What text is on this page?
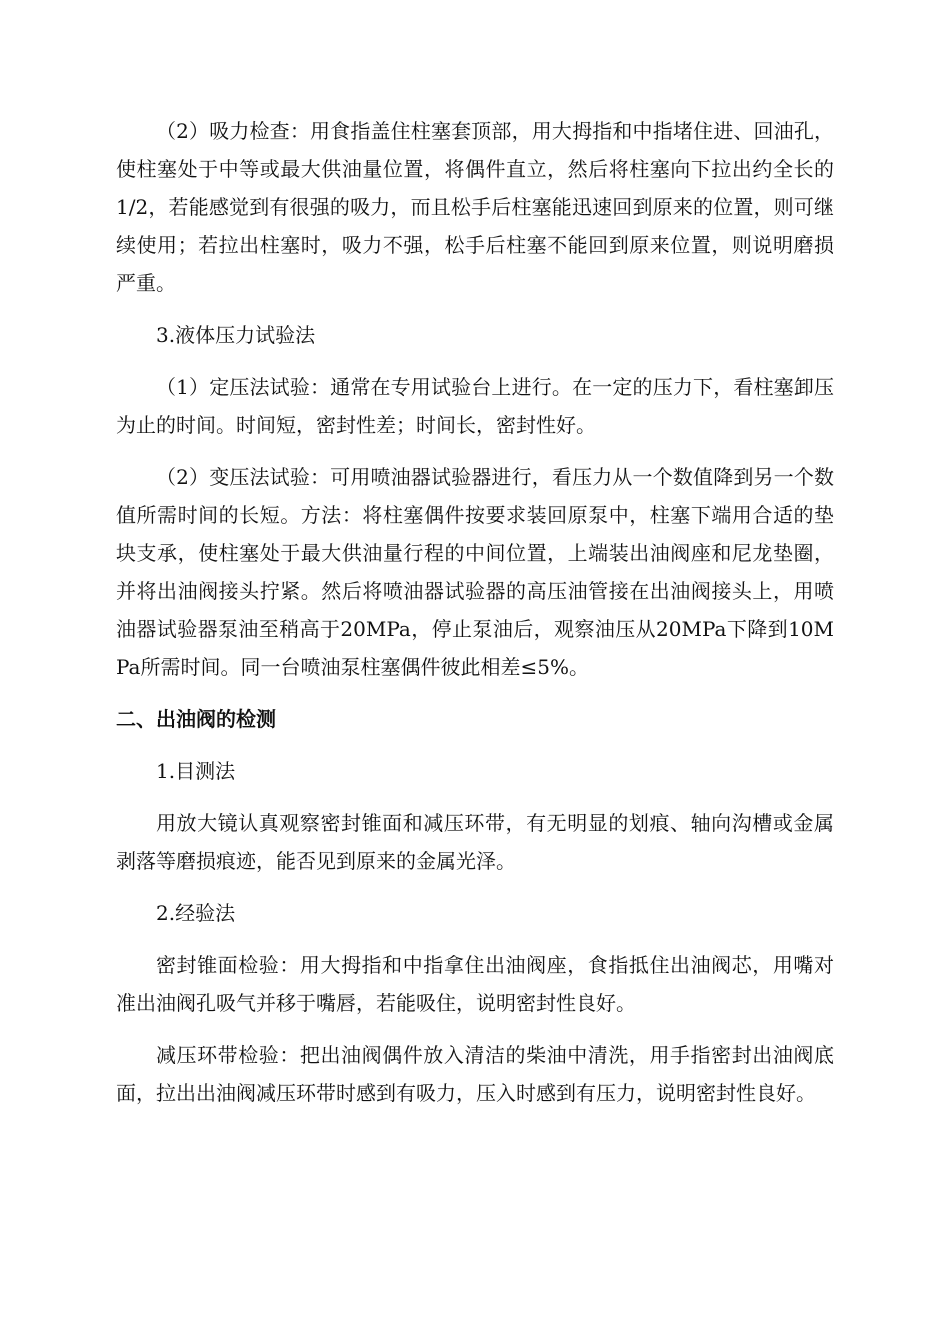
（2）吸力检查：用食指盖住柱塞套顶部，用大拇指和中指堵住进、回油孔，使柱塞处于中等或最大供油量位置，将偶件直立，然后将柱塞向下拉出约全长的1/2，若能感觉到有很强的吸力，而且松手后柱塞能迅速回到原来的位置，则可继续使用；若拉出柱塞时，吸力不强，松手后柱塞不能回到原来位置，则说明磨损严重。

3.液体压力试验法

（1）定压法试验：通常在专用试验台上进行。在一定的压力下，看柱塞卸压为止的时间。时间短，密封性差；时间长，密封性好。

（2）变压法试验：可用喷油器试验器进行，看压力从一个数值降到另一个数值所需时间的长短。方法：将柱塞偶件按要求装回原泵中，柱塞下端用合适的垫块支承，使柱塞处于最大供油量行程的中间位置，上端装出油阀座和尼龙垫圈，并将出油阀接头拧紧。然后将喷油器试验器的高压油管接在出油阀接头上，用喷油器试验器泵油至稍高于20MPa，停止泵油后，观察油压从20MPa下降到10MPa所需时间。同一台喷油泵柱塞偶件彼此相差≤5%。

二、出油阀的检测

1.目测法

用放大镜认真观察密封锥面和减压环带，有无明显的划痕、轴向沟槽或金属剥落等磨损痕迹，能否见到原来的金属光泽。

2.经验法

密封锥面检验：用大拇指和中指拿住出油阀座，食指抵住出油阀芯，用嘴对准出油阀孔吸气并移于嘴唇，若能吸住，说明密封性良好。

减压环带检验：把出油阀偶件放入清洁的柴油中清洗，用手指密封出油阀底面，拉出出油阀减压环带时感到有吸力，压入时感到有压力，说明密封性良好。
